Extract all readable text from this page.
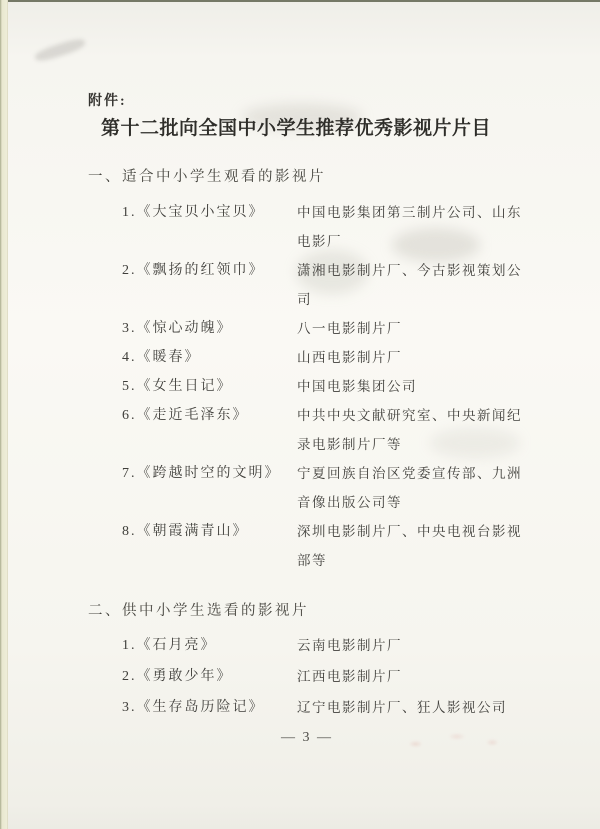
附件:
第十二批向全国中小学生推荐优秀影视片片目
一、适合中小学生观看的影视片
1.《大宝贝小宝贝》	中国电影集团第三制片公司、山东电影厂
2.《飘扬的红领巾》	潇湘电影制片厂、今古影视策划公司
3.《惊心动魄》	八一电影制片厂
4.《暖春》	山西电影制片厂
5.《女生日记》	中国电影集团公司
6.《走近毛泽东》	中共中央文献研究室、中央新闻纪录电影制片厂等
7.《跨越时空的文明》	宁夏回族自治区党委宣传部、九洲音像出版公司等
8.《朝霞满青山》	深圳电影制片厂、中央电视台影视部等
二、供中小学生选看的影视片
1.《石月亮》	云南电影制片厂
2.《勇敢少年》	江西电影制片厂
3.《生存岛历险记》	辽宁电影制片厂、狂人影视公司
— 3 —
